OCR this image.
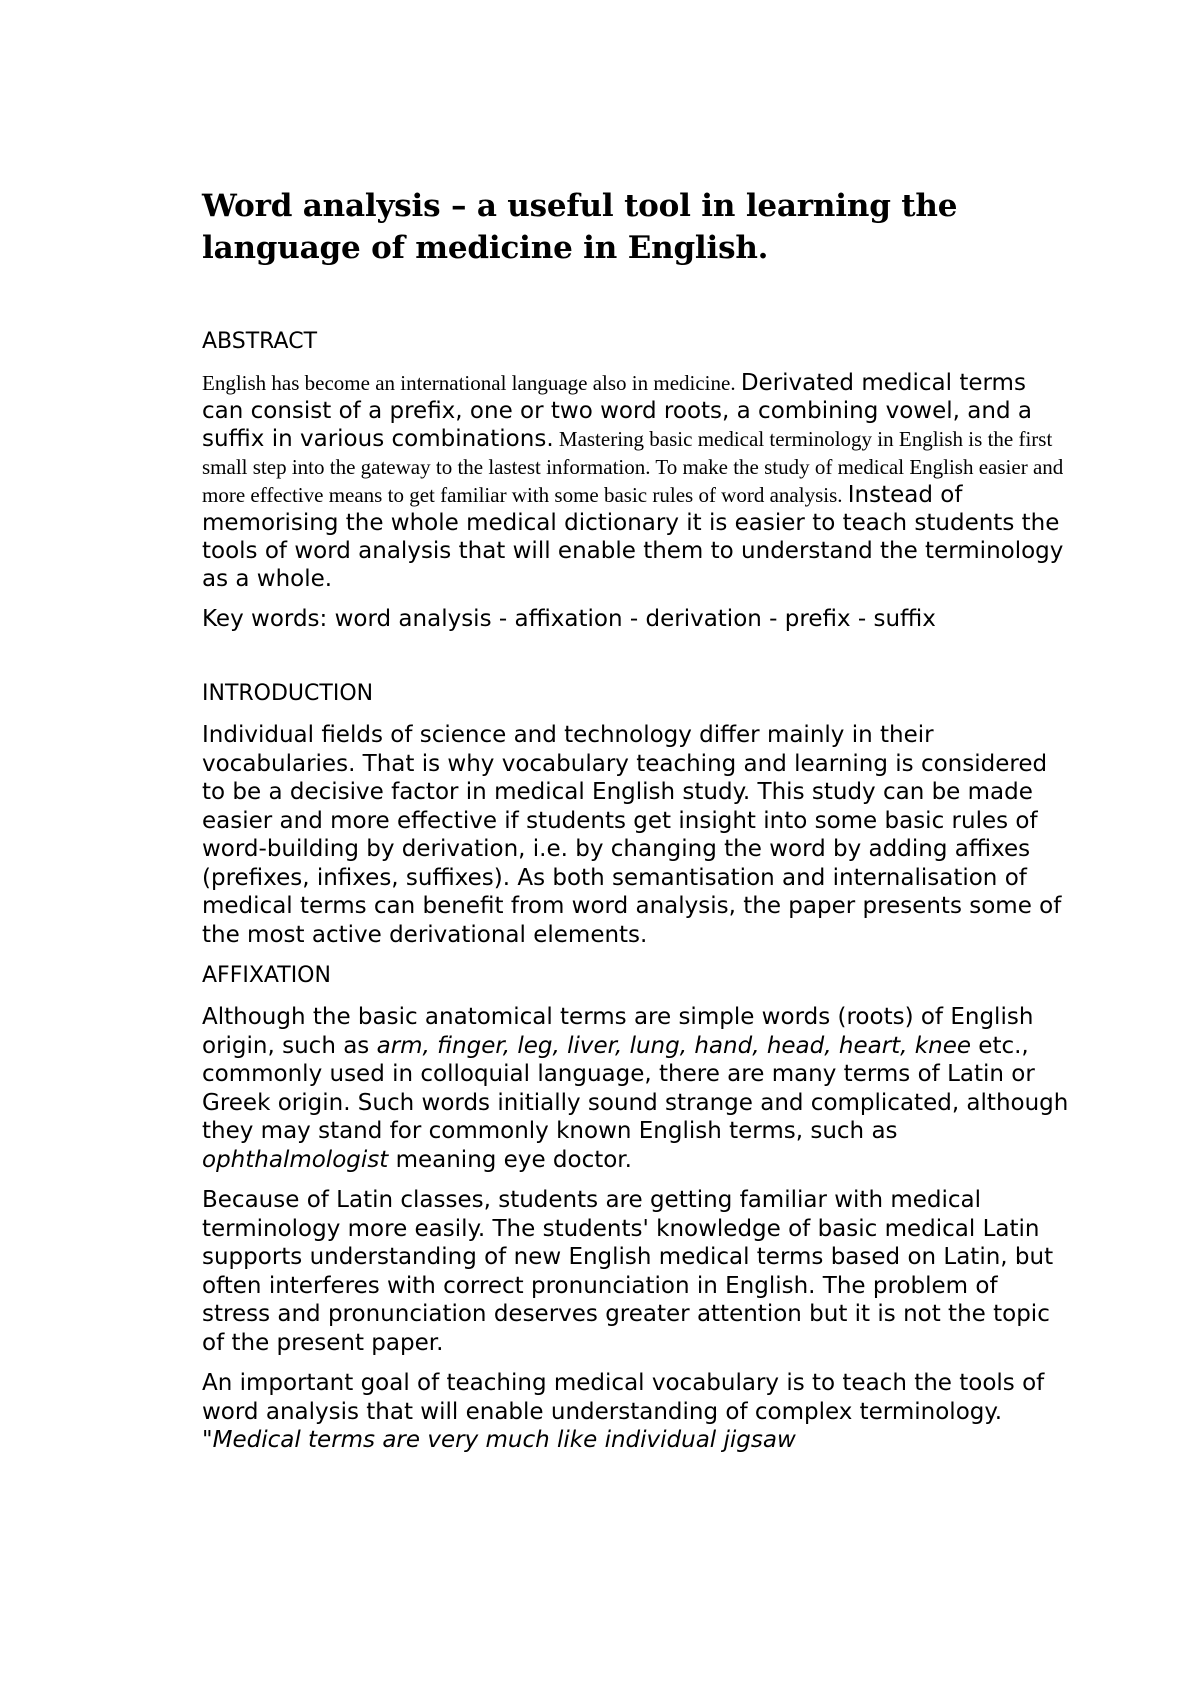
Word analysis – a useful tool in learning the language of medicine in English.
ABSTRACT

English has become an international language also in medicine. Derivated medical terms can consist of a prefix, one or two word roots, a combining vowel, and a suffix in various combinations. Mastering basic medical terminology in English is the first small step into the gateway to the lastest information. To make the study of medical English easier and more effective means to get familiar with some basic rules of word analysis. Instead of memorising the whole medical dictionary it is easier to teach students the tools of word analysis that will enable them to understand the terminology as a whole.

Key words: word analysis - affixation - derivation - prefix - suffix

INTRODUCTION

Individual fields of science and technology differ mainly in their vocabularies. That is why vocabulary teaching and learning is considered to be a decisive factor in medical English study. This study can be made easier and more effective if students get insight into some basic rules of word-building by derivation, i.e. by changing the word by adding affixes (prefixes, infixes, suffixes). As both semantisation and internalisation of medical terms can benefit from word analysis, the paper presents some of the most active derivational elements.

AFFIXATION

Although the basic anatomical terms are simple words (roots) of English origin, such as arm, finger, leg, liver, lung, hand, head, heart, knee etc., commonly used in colloquial language, there are many terms of Latin or Greek origin. Such words initially sound strange and complicated, although they may stand for commonly known English terms, such as ophthalmologist meaning eye doctor.

Because of Latin classes, students are getting familiar with medical terminology more easily. The students' knowledge of basic medical Latin supports understanding of new English medical terms based on Latin, but often interferes with correct pronunciation in English. The problem of stress and pronunciation deserves greater attention but it is not the topic of the present paper.

An important goal of teaching medical vocabulary is to teach the tools of word analysis that will enable understanding of complex terminology. "Medical terms are very much like individual jigsaw
